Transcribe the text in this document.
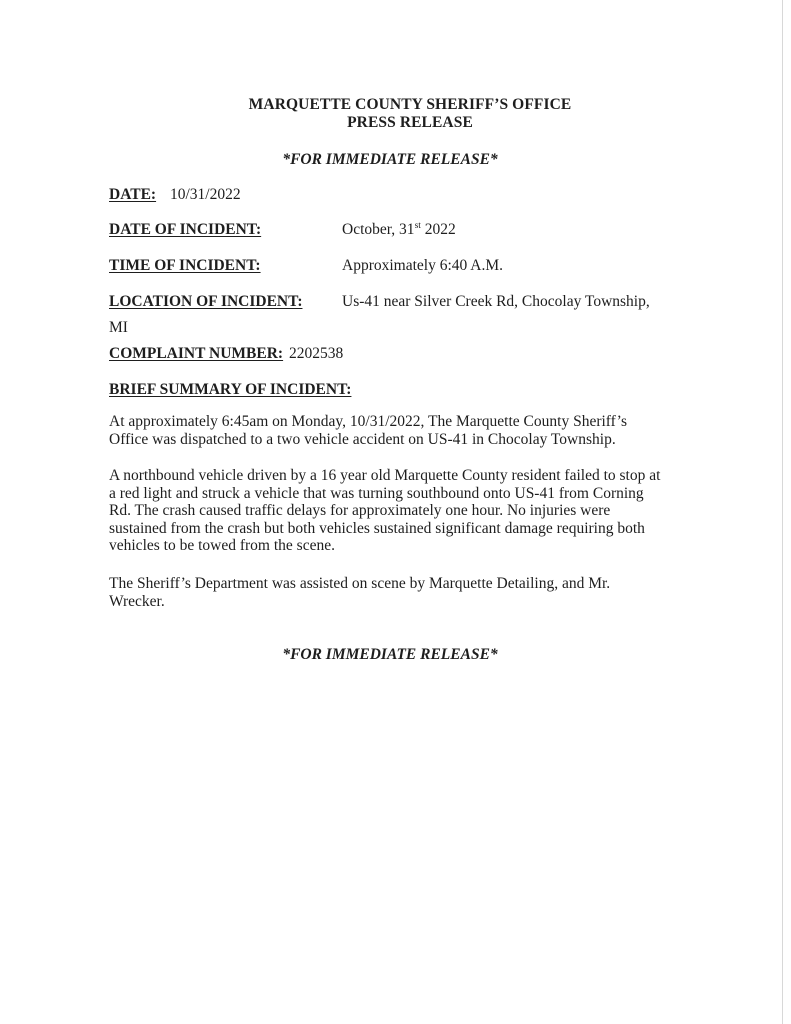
MARQUETTE COUNTY SHERIFF’S OFFICE
PRESS RELEASE
*FOR IMMEDIATE RELEASE*
DATE: 10/31/2022
DATE OF INCIDENT:	October, 31st 2022
TIME OF INCIDENT:	Approximately 6:40 A.M.
LOCATION OF INCIDENT:	Us-41 near Silver Creek Rd, Chocolay Township,
MI
COMPLAINT NUMBER: 2202538
BRIEF SUMMARY OF INCIDENT:
At approximately 6:45am on Monday, 10/31/2022, The Marquette County Sheriff’s Office was dispatched to a two vehicle accident on US-41 in Chocolay Township.
A northbound vehicle driven by a 16 year old Marquette County resident failed to stop at a red light and struck a vehicle that was turning southbound onto US-41 from Corning Rd. The crash caused traffic delays for approximately one hour. No injuries were sustained from the crash but both vehicles sustained significant damage requiring both vehicles to be towed from the scene.
The Sheriff’s Department was assisted on scene by Marquette Detailing, and Mr. Wrecker.
*FOR IMMEDIATE RELEASE*
